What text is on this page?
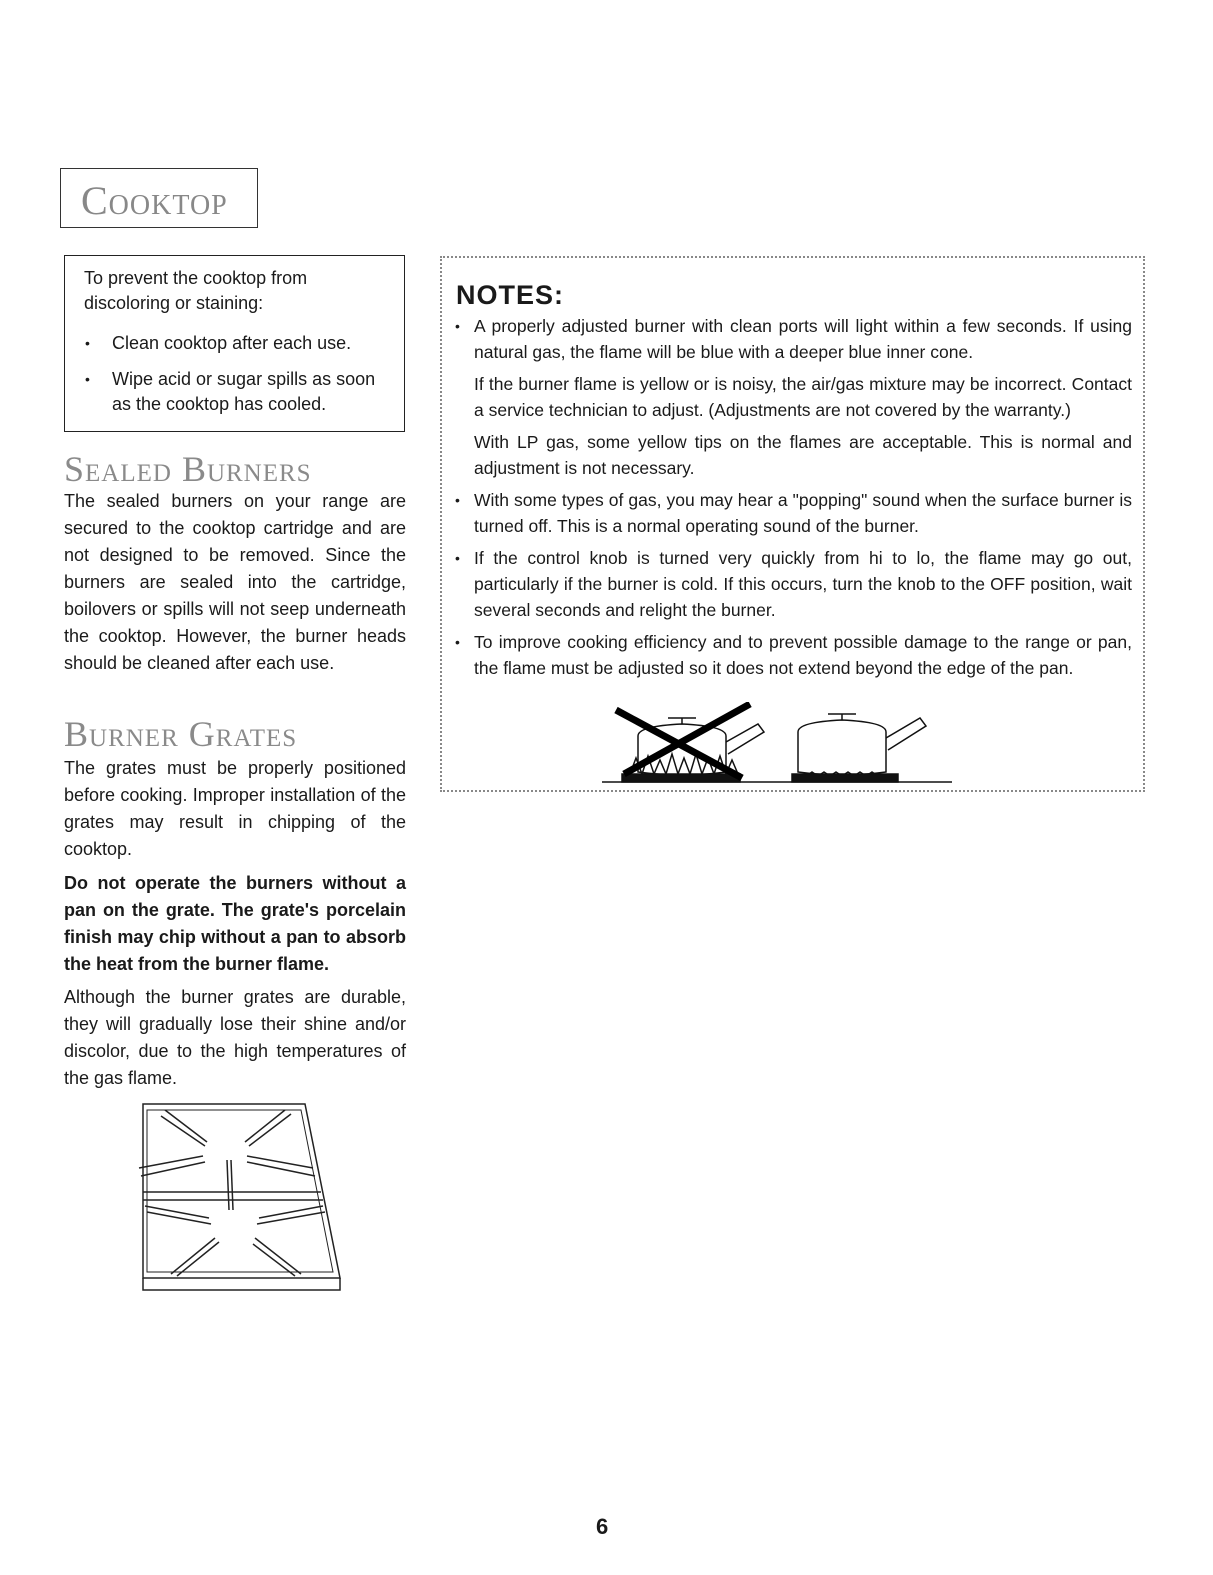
Cooktop
To prevent the cooktop from discoloring or staining:
• Clean cooktop after each use.
• Wipe acid or sugar spills as soon as the cooktop has cooled.
Sealed Burners
The sealed burners on your range are secured to the cooktop cartridge and are not designed to be removed. Since the burners are sealed into the cartridge, boilovers or spills will not seep underneath the cooktop. However, the burner heads should be cleaned after each use.
Burner Grates
The grates must be properly positioned before cooking. Improper installation of the grates may result in chipping of the cooktop.
Do not operate the burners without a pan on the grate. The grate's porcelain finish may chip without a pan to absorb the heat from the burner flame.
Although the burner grates are durable, they will gradually lose their shine and/or discolor, due to the high temperatures of the gas flame.
NOTES:
• A properly adjusted burner with clean ports will light within a few seconds. If using natural gas, the flame will be blue with a deeper blue inner cone.
If the burner flame is yellow or is noisy, the air/gas mixture may be incorrect. Contact a service technician to adjust. (Adjustments are not covered by the warranty.)
With LP gas, some yellow tips on the flames are acceptable. This is normal and adjustment is not necessary.
• With some types of gas, you may hear a "popping" sound when the surface burner is turned off. This is a normal operating sound of the burner.
• If the control knob is turned very quickly from hi to lo, the flame may go out, particularly if the burner is cold. If this occurs, turn the knob to the OFF position, wait several seconds and relight the burner.
• To improve cooking efficiency and to prevent possible damage to the range or pan, the flame must be adjusted so it does not extend beyond the edge of the pan.
6
